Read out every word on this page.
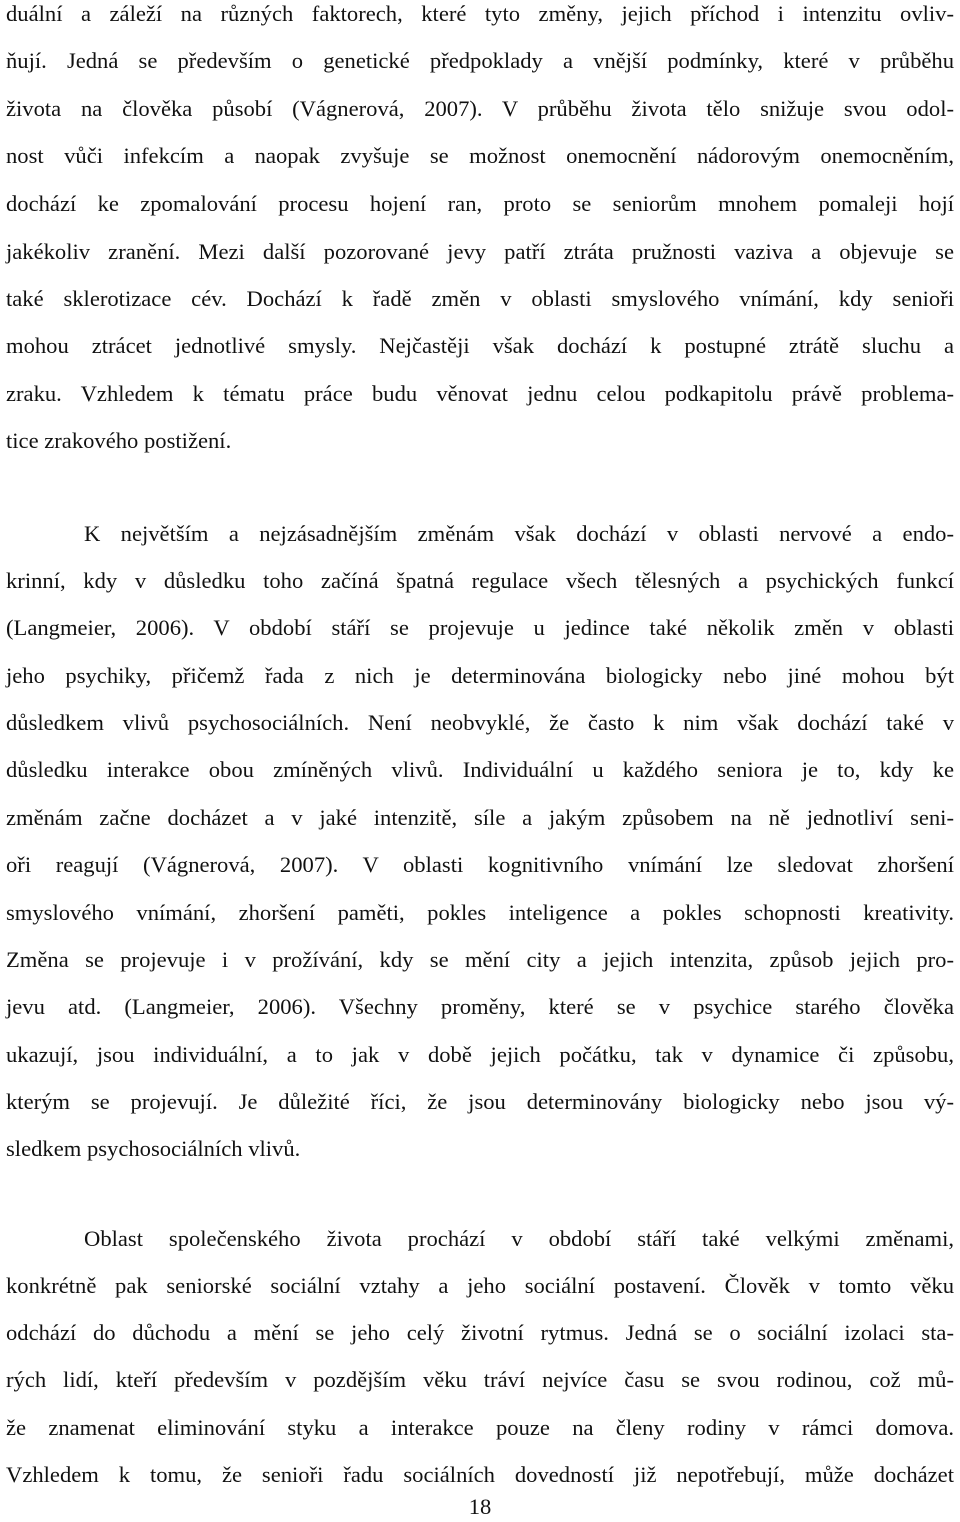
duální a záleží na různých faktorech, které tyto změny, jejich příchod i intenzitu ovliv-
ňují. Jedná se především o genetické předpoklady a vnější podmínky, které v průběhu
života na člověka působí (Vágnerová, 2007). V průběhu života tělo snižuje svou odol-
nost vůči infekcím a naopak zvyšuje se možnost onemocnění nádorovým onemocněním,
dochází ke zpomalování procesu hojení ran, proto se seniorům mnohem pomaleji hojí
jakékoliv zranění. Mezi další pozorované jevy patří ztráta pružnosti vaziva a objevuje se
také sklerotizace cév. Dochází k řadě změn v oblasti smyslového vnímání, kdy senioři
mohou ztrácet jednotlivé smysly. Nejčastěji však dochází k postupné ztrátě sluchu a
zraku. Vzhledem k tématu práce budu věnovat jednu celou podkapitolu právě problema-
tice zrakového postižení.
K největším a nejzásadnějším změnám však dochází v oblasti nervové a endo-
krinní, kdy v důsledku toho začíná špatná regulace všech tělesných a psychických funkcí
(Langmeier, 2006). V období stáří se projevuje u jedince také několik změn v oblasti
jeho psychiky, přičemž řada z nich je determinována biologicky nebo jiné mohou být
důsledkem vlivů psychosociálních. Není neobvyklé, že často k nim však dochází také v
důsledku interakce obou zmíněných vlivů. Individuální u každého seniora je to, kdy ke
změnám začne docházet a v jaké intenzitě, síle a jakým způsobem na ně jednotliví seni-
oři reagují (Vágnerová, 2007). V oblasti kognitivního vnímání lze sledovat zhoršení
smyslového vnímání, zhoršení paměti, pokles inteligence a pokles schopnosti kreativity.
Změna se projevuje i v prožívání, kdy se mění city a jejich intenzita, způsob jejich pro-
jevu atd. (Langmeier, 2006). Všechny proměny, které se v psychice starého člověka
ukazují, jsou individuální, a to jak v době jejich počátku, tak v dynamice či způsobu,
kterým se projevují. Je důležité říci, že jsou determinovány biologicky nebo jsou vý-
sledkem psychosociálních vlivů.
Oblast společenského života prochází v období stáří také velkými změnami,
konkrétně pak seniorské sociální vztahy a jeho sociální postavení. Člověk v tomto věku
odchází do důchodu a mění se jeho celý životní rytmus. Jedná se o sociální izolaci sta-
rých lidí, kteří především v pozdějším věku tráví nejvíce času se svou rodinou, což mů-
že znamenat eliminování styku a interakce pouze na členy rodiny v rámci domova.
Vzhledem k tomu, že senioři řadu sociálních dovedností již nepotřebují, může docházet
18
